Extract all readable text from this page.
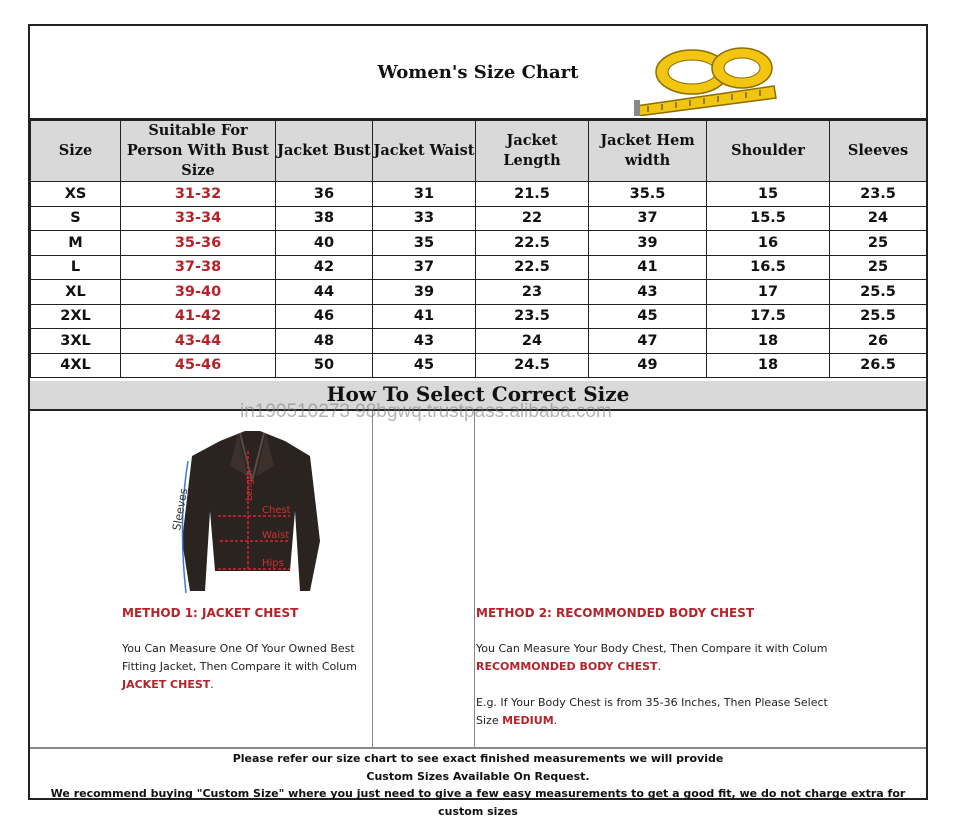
Women's Size Chart
Size	Suitable For Person With Bust Size	Jacket Bust	Jacket Waist	Jacket Length	Jacket Hem width	Shoulder	Sleeves
XS	31-32	36	31	21.5	35.5	15	23.5
S	33-34	38	33	22	37	15.5	24
M	35-36	40	35	22.5	39	16	25
L	37-38	42	37	22.5	41	16.5	25
XL	39-40	44	39	23	43	17	25.5
2XL	41-42	46	41	23.5	45	17.5	25.5
3XL	43-44	48	43	24	47	18	26
4XL	45-46	50	45	24.5	49	18	26.5
How To Select Correct Size
Sleeves
Length
Chest
Waist
Hips
in190510273 98bgwq.trustpass.alibaba.com
METHOD 1: JACKET CHEST
You Can Measure One Of Your Owned Best
Fitting Jacket, Then Compare it with Colum
JACKET CHEST.
METHOD 2: RECOMMONDED BODY CHEST
You Can Measure Your Body Chest, Then Compare it with Colum
RECOMMONDED BODY CHEST.
E.g. If Your Body Chest is from 35-36 Inches, Then Please Select
Size MEDIUM.
Please refer our size chart to see exact finished measurements we will provide
Custom Sizes Available On Request.
We recommend buying "Custom Size" where you just need to give a few easy measurements to get a good fit, we do not charge extra for custom sizes
